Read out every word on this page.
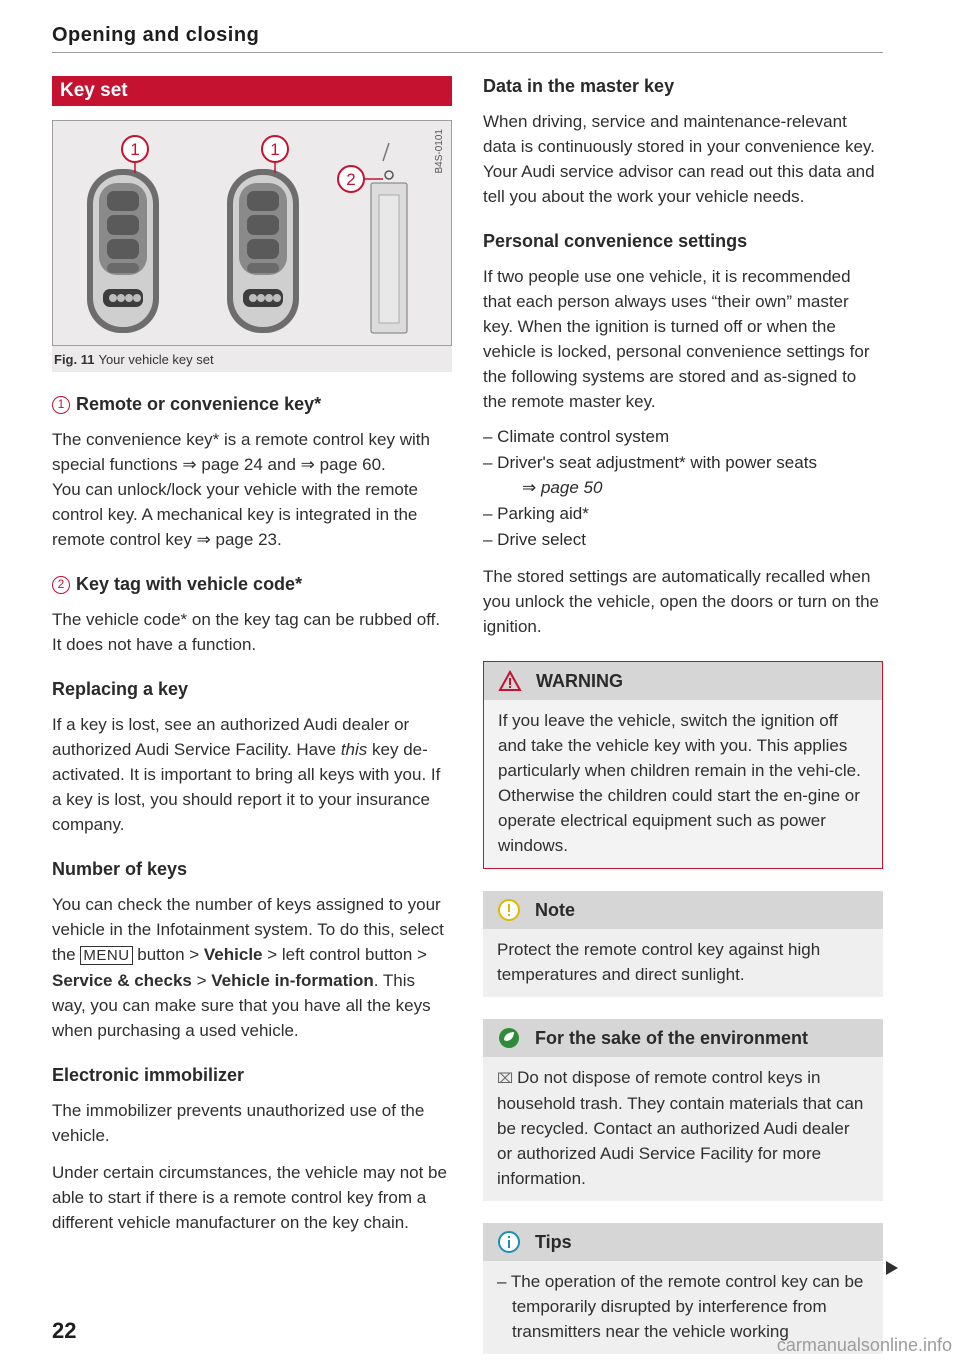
Opening and closing
Key set
1	1
2
B4S-0101
Fig. 11 Your vehicle key set
1 Remote or convenience key*

The convenience key* is a remote control key with special functions ⇒ page 24 and ⇒ page 60.

You can unlock/lock your vehicle with the remote control key. A mechanical key is integrated in the remote control key ⇒ page 23.

2 Key tag with vehicle code*

The vehicle code* on the key tag can be rubbed off. It does not have a function.

Replacing a key

If a key is lost, see an authorized Audi dealer or authorized Audi Service Facility. Have this key de-activated. It is important to bring all keys with you. If a key is lost, you should report it to your insurance company.

Number of keys

You can check the number of keys assigned to your vehicle in the Infotainment system. To do this, select the MENU button > Vehicle > left control button > Service & checks > Vehicle in-formation. This way, you can make sure that you have all the keys when purchasing a used vehicle.

Electronic immobilizer

The immobilizer prevents unauthorized use of the vehicle.

Under certain circumstances, the vehicle may not be able to start if there is a remote control key from a different vehicle manufacturer on the key chain.

Data in the master key

When driving, service and maintenance-relevant data is continuously stored in your convenience key. Your Audi service advisor can read out this data and tell you about the work your vehicle needs.

Personal convenience settings

If two people use one vehicle, it is recommended that each person always uses “their own” master key. When the ignition is turned off or when the vehicle is locked, personal convenience settings for the following systems are stored and as-signed to the remote master key.

– Climate control system
– Driver's seat adjustment* with power seats
⇒ page 50
– Parking aid*
– Drive select

The stored settings are automatically recalled when you unlock the vehicle, open the doors or turn on the ignition.

WARNING

If you leave the vehicle, switch the ignition off and take the vehicle key with you. This applies particularly when children remain in the vehi-cle. Otherwise the children could start the en-gine or operate electrical equipment such as power windows.

Note

Protect the remote control key against high temperatures and direct sunlight.

For the sake of the environment

⌧ Do not dispose of remote control keys in household trash. They contain materials that can be recycled. Contact an authorized Audi dealer or authorized Audi Service Facility for more information.

Tips

– The operation of the remote control key can be temporarily disrupted by interference from transmitters near the vehicle working

22
carmanualsonline.info
